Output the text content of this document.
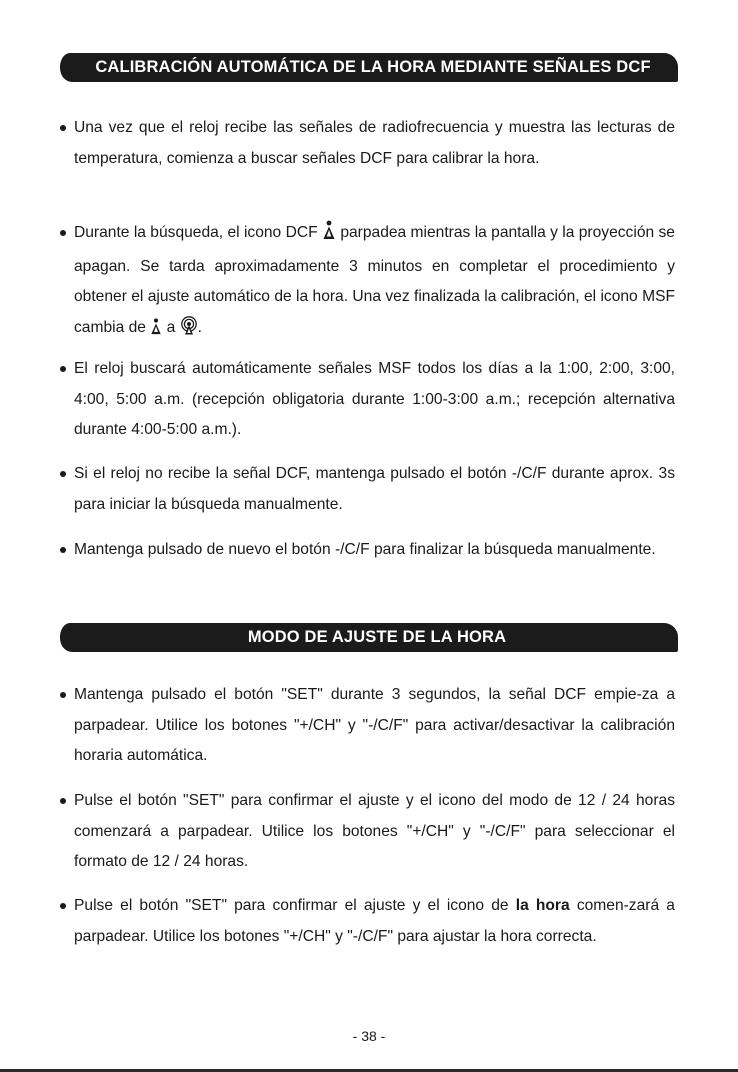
CALIBRACIÓN AUTOMÁTICA DE LA HORA MEDIANTE SEÑALES DCF
Una vez que el reloj recibe las señales de radiofrecuencia y muestra las lecturas de temperatura, comienza a buscar señales DCF para calibrar la hora.
Durante la búsqueda, el icono DCF parpadea mientras la pantalla y la proyección se apagan. Se tarda aproximadamente 3 minutos en completar el procedimiento y obtener el ajuste automático de la hora. Una vez finalizada la calibración, el icono MSF cambia de a .
El reloj buscará automáticamente señales MSF todos los días a la 1:00, 2:00, 3:00, 4:00, 5:00 a.m. (recepción obligatoria durante 1:00-3:00 a.m.; recepción alternativa durante 4:00-5:00 a.m.).
Si el reloj no recibe la señal DCF, mantenga pulsado el botón -/C/F durante aprox. 3s para iniciar la búsqueda manualmente.
Mantenga pulsado de nuevo el botón -/C/F para finalizar la búsqueda manualmente.
MODO DE AJUSTE DE LA HORA
Mantenga pulsado el botón "SET" durante 3 segundos, la señal DCF empie-za a parpadear. Utilice los botones "+/CH" y "-/C/F" para activar/desactivar la calibración horaria automática.
Pulse el botón "SET" para confirmar el ajuste y el icono del modo de 12 / 24 horas comenzará a parpadear. Utilice los botones "+/CH" y "-/C/F" para seleccionar el formato de 12 / 24 horas.
Pulse el botón "SET" para confirmar el ajuste y el icono de la hora comen-zará a parpadear. Utilice los botones "+/CH" y "-/C/F" para ajustar la hora correcta.
- 38 -
